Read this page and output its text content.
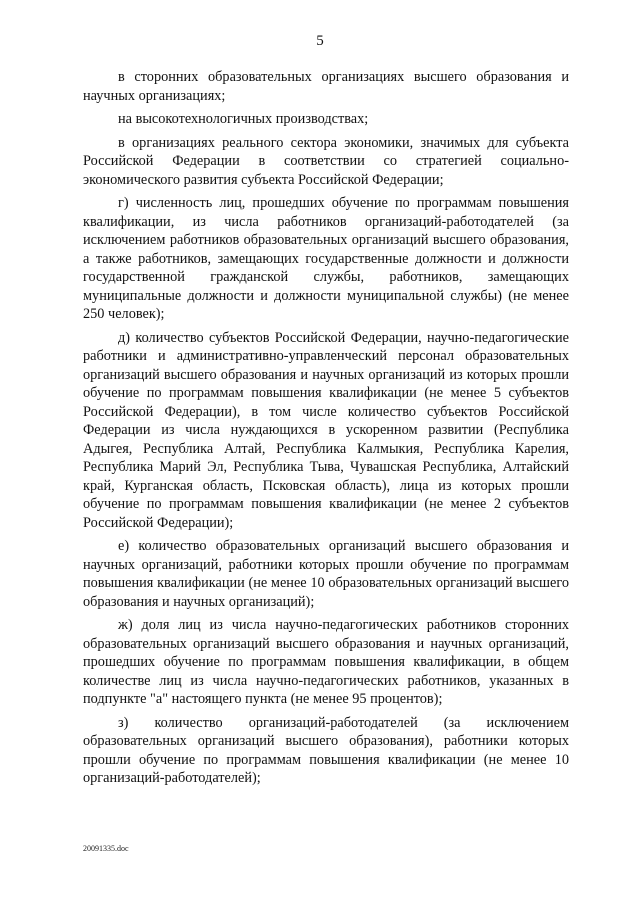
5

в сторонних образовательных организациях высшего образования и научных организациях;

на высокотехнологичных производствах;

в организациях реального сектора экономики, значимых для субъекта Российской Федерации в соответствии со стратегией социально-экономического развития субъекта Российской Федерации;

г) численность лиц, прошедших обучение по программам повышения квалификации, из числа работников организаций-работодателей (за исключением работников образовательных организаций высшего образования, а также работников, замещающих государственные должности и должности государственной гражданской службы, работников, замещающих муниципальные должности и должности муниципальной службы) (не менее 250 человек);

д) количество субъектов Российской Федерации, научно-педагогические работники и административно-управленческий персонал образовательных организаций высшего образования и научных организаций из которых прошли обучение по программам повышения квалификации (не менее 5 субъектов Российской Федерации), в том числе количество субъектов Российской Федерации из числа нуждающихся в ускоренном развитии (Республика Адыгея, Республика Алтай, Республика Калмыкия, Республика Карелия, Республика Марий Эл, Республика Тыва, Чувашская Республика, Алтайский край, Курганская область, Псковская область), лица из которых прошли обучение по программам повышения квалификации (не менее 2 субъектов Российской Федерации);

е) количество образовательных организаций высшего образования и научных организаций, работники которых прошли обучение по программам повышения квалификации (не менее 10 образовательных организаций высшего образования и научных организаций);

ж) доля лиц из числа научно-педагогических работников сторонних образовательных организаций высшего образования и научных организаций, прошедших обучение по программам повышения квалификации, в общем количестве лиц из числа научно-педагогических работников, указанных в подпункте "а" настоящего пункта (не менее 95 процентов);

з) количество организаций-работодателей (за исключением образовательных организаций высшего образования), работники которых прошли обучение по программам повышения квалификации (не менее 10 организаций-работодателей);

20091335.doc
